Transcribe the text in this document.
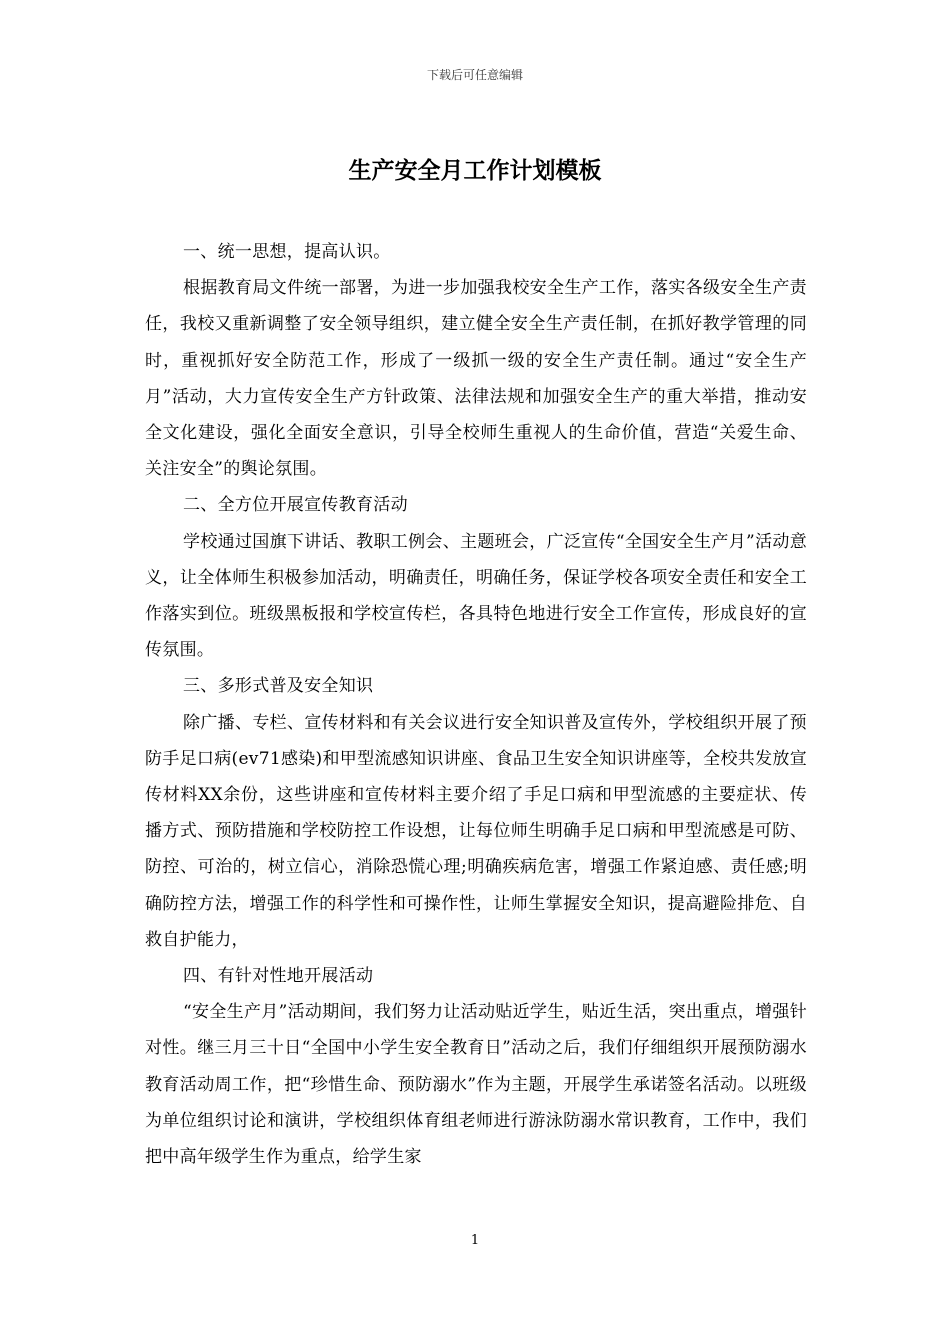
下载后可任意编辑
生产安全月工作计划模板

一、统一思想，提高认识。

根据教育局文件统一部署，为进一步加强我校安全生产工作，落实各级安全生产责任，我校又重新调整了安全领导组织，建立健全安全生产责任制，在抓好教学管理的同时，重视抓好安全防范工作，形成了一级抓一级的安全生产责任制。通过“安全生产月”活动，大力宣传安全生产方针政策、法律法规和加强安全生产的重大举措，推动安全文化建设，强化全面安全意识，引导全校师生重视人的生命价值，营造“关爱生命、关注安全”的舆论氛围。

二、全方位开展宣传教育活动

学校通过国旗下讲话、教职工例会、主题班会，广泛宣传“全国安全生产月”活动意义，让全体师生积极参加活动，明确责任，明确任务，保证学校各项安全责任和安全工作落实到位。班级黑板报和学校宣传栏，各具特色地进行安全工作宣传，形成良好的宣传氛围。

三、多形式普及安全知识

除广播、专栏、宣传材料和有关会议进行安全知识普及宣传外，学校组织开展了预防手足口病(ev71感染)和甲型流感知识讲座、食品卫生安全知识讲座等，全校共发放宣传材料XX余份，这些讲座和宣传材料主要介绍了手足口病和甲型流感的主要症状、传播方式、预防措施和学校防控工作设想，让每位师生明确手足口病和甲型流感是可防、防控、可治的，树立信心，消除恐慌心理;明确疾病危害，增强工作紧迫感、责任感;明确防控方法，增强工作的科学性和可操作性，让师生掌握安全知识，提高避险排危、自救自护能力，

四、有针对性地开展活动

“安全生产月”活动期间，我们努力让活动贴近学生，贴近生活，突出重点，增强针对性。继三月三十日“全国中小学生安全教育日”活动之后，我们仔细组织开展预防溺水教育活动周工作，把“珍惜生命、预防溺水”作为主题，开展学生承诺签名活动。以班级为单位组织讨论和演讲，学校组织体育组老师进行游泳防溺水常识教育，工作中，我们把中高年级学生作为重点，给学生家

1
